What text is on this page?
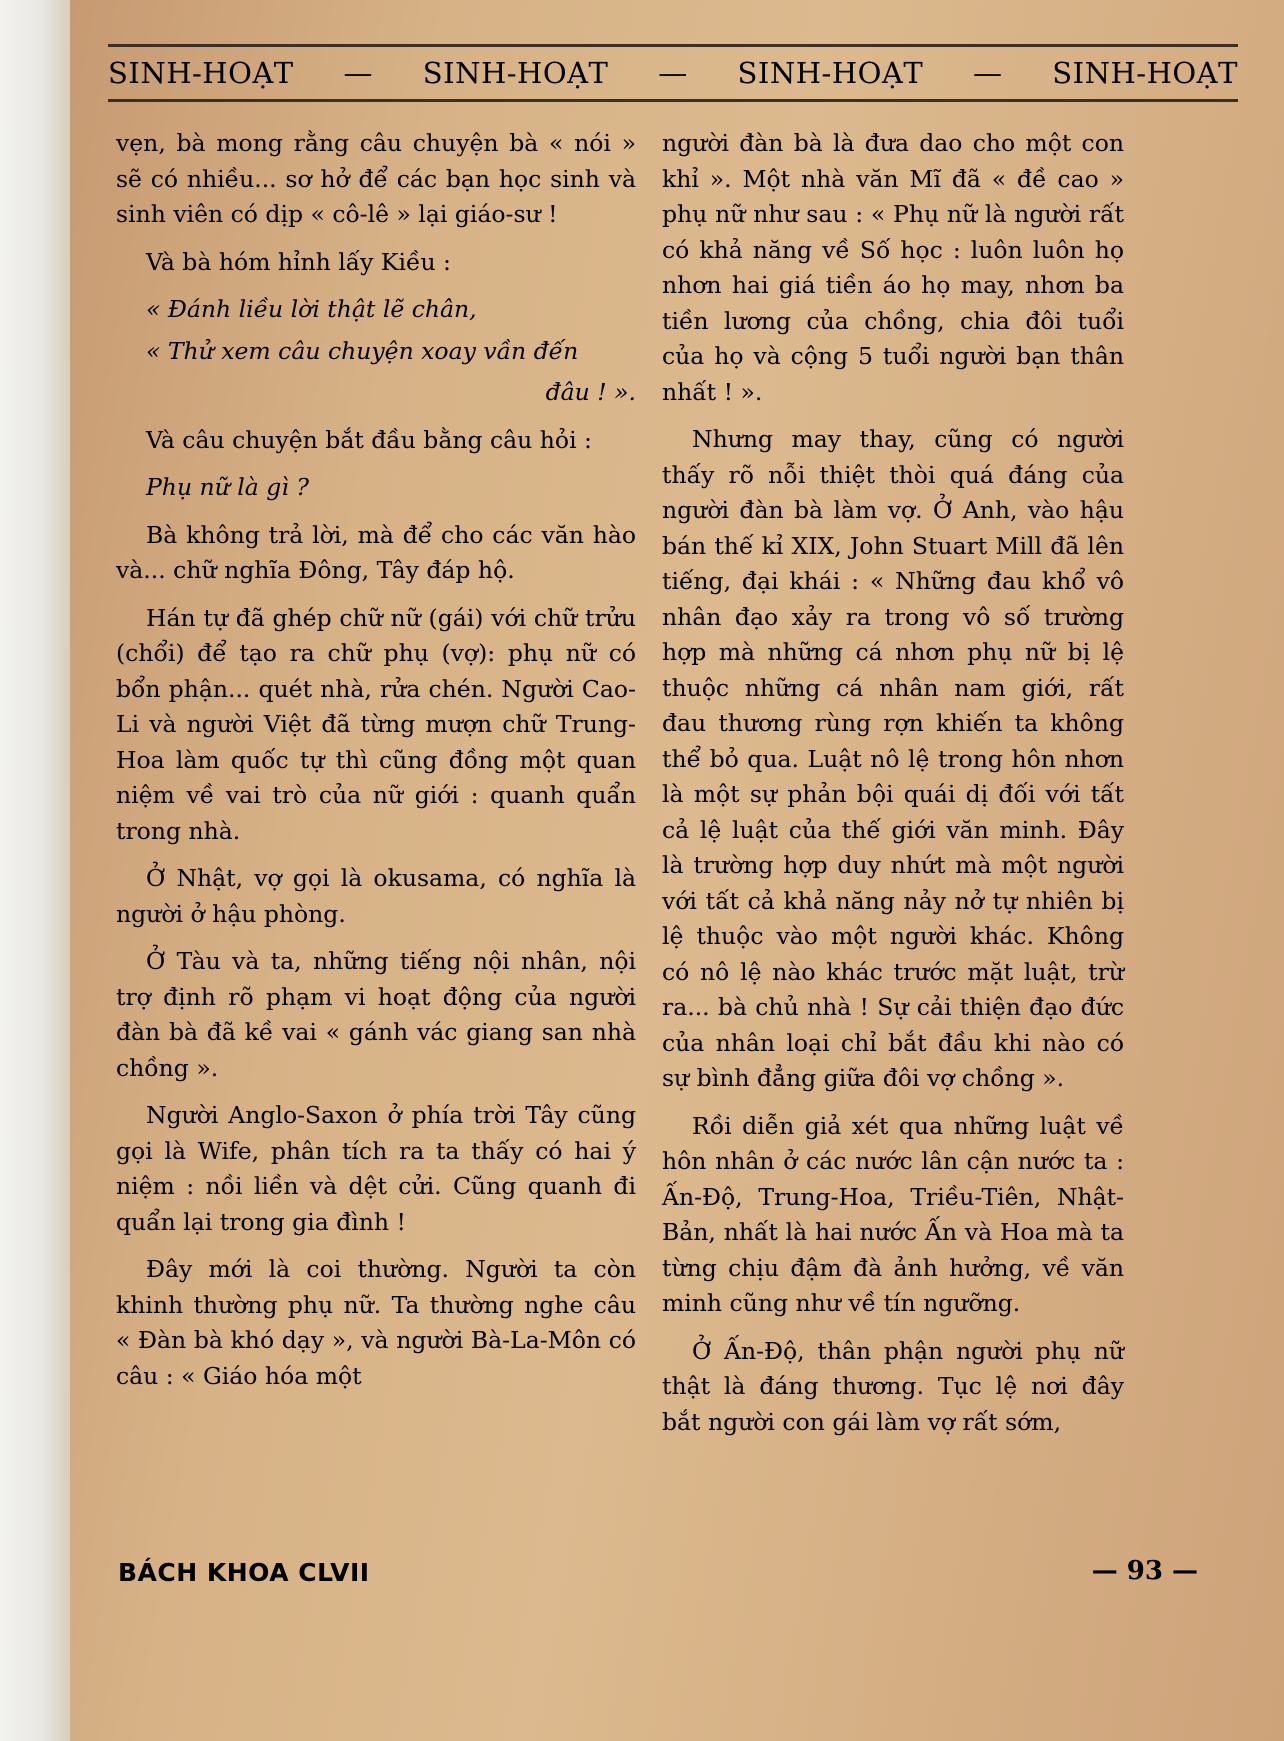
SINH-HOẠT — SINH-HOẠT — SINH-HOẠT — SINH-HOẠT

vẹn, bà mong rằng câu chuyện bà « nói » sẽ có nhiều... sơ hở để các bạn học sinh và sinh viên có dịp « cô-lê » lại giáo-sư !

Và bà hóm hỉnh lấy Kiều :

« Đánh liều lời thật lẽ chân,

« Thử xem câu chuyện xoay vần đến

đâu ! ».

Và câu chuyện bắt đầu bằng câu hỏi :

Phụ nữ là gì ?

Bà không trả lời, mà để cho các văn hào và... chữ nghĩa Đông, Tây đáp hộ.

Hán tự đã ghép chữ nữ (gái) với chữ trửu (chổi) để tạo ra chữ phụ (vợ): phụ nữ có bổn phận... quét nhà, rửa chén. Người Cao-Li và người Việt đã từng mượn chữ Trung-Hoa làm quốc tự thì cũng đồng một quan niệm về vai trò của nữ giới : quanh quẩn trong nhà.

Ở Nhật, vợ gọi là okusama, có nghĩa là người ở hậu phòng.

Ở Tàu và ta, những tiếng nội nhân, nội trợ định rõ phạm vi hoạt động của người đàn bà đã kề vai « gánh vác giang san nhà chồng ».

Người Anglo-Saxon ở phía trời Tây cũng gọi là Wife, phân tích ra ta thấy có hai ý niệm : nồi liền và dệt cửi. Cũng quanh đi quẩn lại trong gia đình !

Đây mới là coi thường. Người ta còn khinh thường phụ nữ. Ta thường nghe câu « Đàn bà khó dạy », và người Bà-La-Môn có câu : « Giáo hóa một

người đàn bà là đưa dao cho một con khỉ ». Một nhà văn Mĩ đã « đề cao » phụ nữ như sau : « Phụ nữ là người rất có khả năng về Số học : luôn luôn họ nhơn hai giá tiền áo họ may, nhơn ba tiền lương của chồng, chia đôi tuổi của họ và cộng 5 tuổi người bạn thân nhất ! ».

Nhưng may thay, cũng có người thấy rõ nỗi thiệt thòi quá đáng của người đàn bà làm vợ. Ở Anh, vào hậu bán thế kỉ XIX, John Stuart Mill đã lên tiếng, đại khái : « Những đau khổ vô nhân đạo xảy ra trong vô số trường hợp mà những cá nhơn phụ nữ bị lệ thuộc những cá nhân nam giới, rất đau thương rùng rợn khiến ta không thể bỏ qua. Luật nô lệ trong hôn nhơn là một sự phản bội quái dị đối với tất cả lệ luật của thế giới văn minh. Đây là trường hợp duy nhứt mà một người với tất cả khả năng nảy nở tự nhiên bị lệ thuộc vào một người khác. Không có nô lệ nào khác trước mặt luật, trừ ra... bà chủ nhà ! Sự cải thiện đạo đức của nhân loại chỉ bắt đầu khi nào có sự bình đẳng giữa đôi vợ chồng ».

Rồi diễn giả xét qua những luật về hôn nhân ở các nước lân cận nước ta : Ấn-Độ, Trung-Hoa, Triều-Tiên, Nhật-Bản, nhất là hai nước Ấn và Hoa mà ta từng chịu đậm đà ảnh hưởng, về văn minh cũng như về tín ngưỡng.

Ở Ấn-Độ, thân phận người phụ nữ thật là đáng thương. Tục lệ nơi đây bắt người con gái làm vợ rất sớm,

BÁCH KHOA CLVII	— 93 —
